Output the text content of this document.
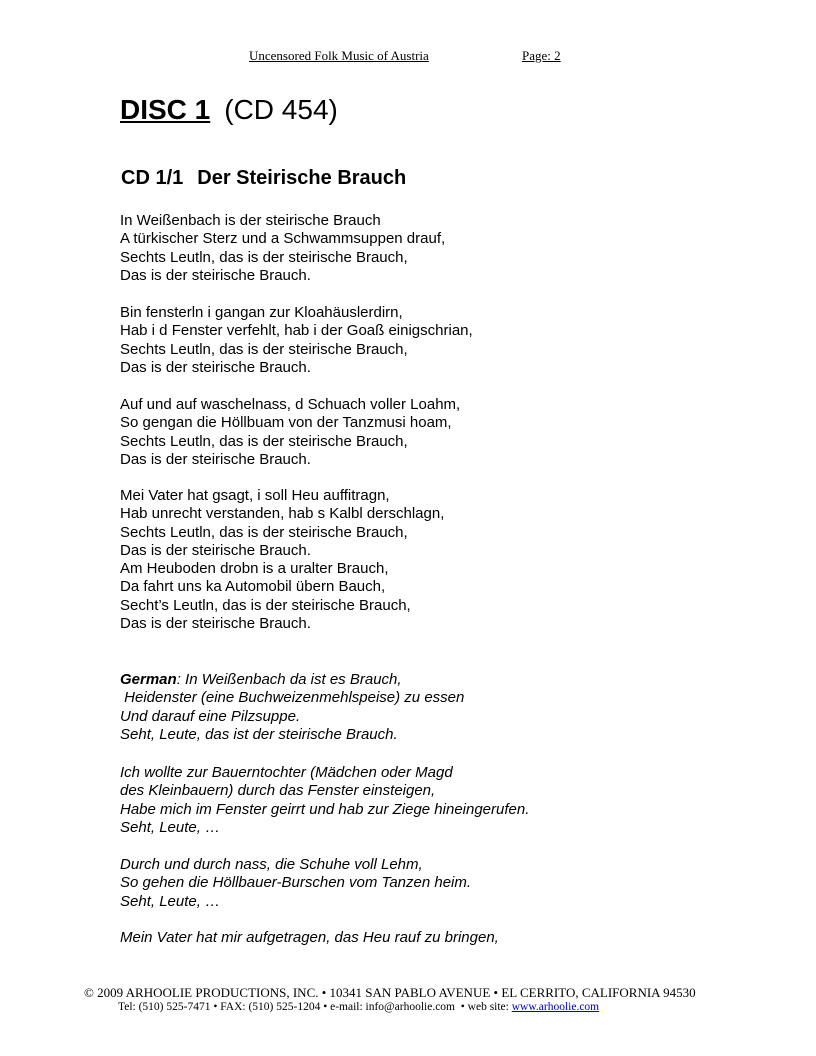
Uncensored Folk Music of Austria	Page: 2
DISC 1 (CD 454)
CD 1/1 Der Steirische Brauch
In Weißenbach is der steirische Brauch
A türkischer Sterz und a Schwammsuppen drauf,
Sechts Leutln, das is der steirische Brauch,
Das is der steirische Brauch.
Bin fensterln i gangan zur Kloahäuslerdirn,
Hab i d Fenster verfehlt, hab i der Goaß einigschrian,
Sechts Leutln, das is der steirische Brauch,
Das is der steirische Brauch.
Auf und auf waschelnass, d Schuach voller Loahm,
So gengan die Höllbuam von der Tanzmusi hoam,
Sechts Leutln, das is der steirische Brauch,
Das is der steirische Brauch.
Mei Vater hat gsagt, i soll Heu auffitragn,
Hab unrecht verstanden, hab s Kalbl derschlagn,
Sechts Leutln, das is der steirische Brauch,
Das is der steirische Brauch.
Am Heuboden drobn is a uralter Brauch,
Da fahrt uns ka Automobil übern Bauch,
Secht’s Leutln, das is der steirische Brauch,
Das is der steirische Brauch.
German: In Weißenbach da ist es Brauch,
Heidenster (eine Buchweizenmehlspeise) zu essen
Und darauf eine Pilzsuppe.
Seht, Leute, das ist der steirische Brauch.
Ich wollte zur Bauerntochter (Mädchen oder Magd
des Kleinbauern) durch das Fenster einsteigen,
Habe mich im Fenster geirrt und hab zur Ziege hineingerufen.
Seht, Leute, …
Durch und durch nass, die Schuhe voll Lehm,
So gehen die Höllbauer-Burschen vom Tanzen heim.
Seht, Leute, …
Mein Vater hat mir aufgetragen, das Heu rauf zu bringen,
© 2009 ARHOOLIE PRODUCTIONS, INC. • 10341 SAN PABLO AVENUE • EL CERRITO, CALIFORNIA 94530
Tel: (510) 525-7471 • FAX: (510) 525-1204 • e-mail: info@arhoolie.com  • web site: www.arhoolie.com
